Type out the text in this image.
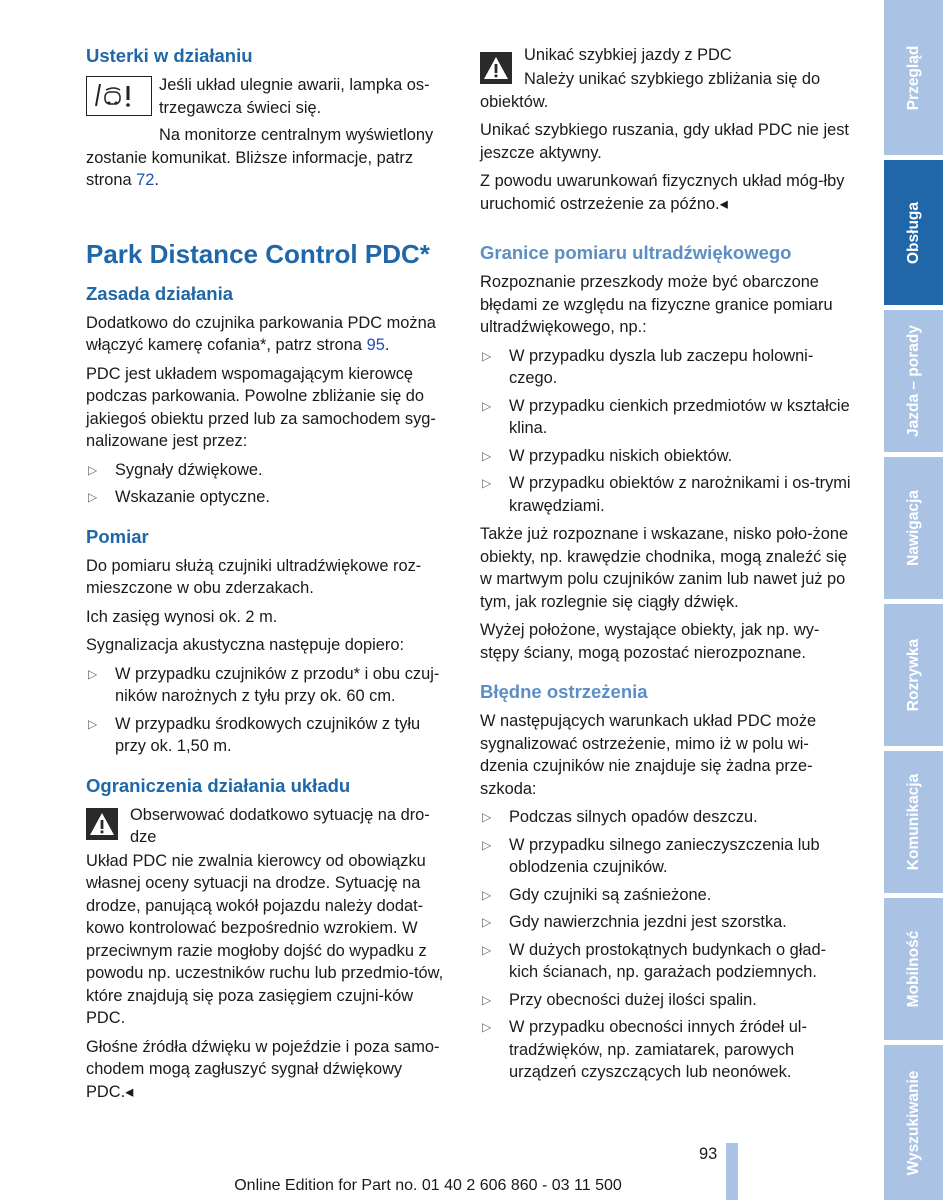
Usterki w działaniu

Jeśli układ ulegnie awarii, lampka os-trzegawcza świeci się.

Na monitorze centralnym wyświetlony zostanie komunikat. Bliższe informacje, patrz strona 72.

Park Distance Control PDC*
Zasada działania

Dodatkowo do czujnika parkowania PDC można włączyć kamerę cofania*, patrz strona 95.

PDC jest układem wspomagającym kierowcę podczas parkowania. Powolne zbliżanie się do jakiegoś obiektu przed lub za samochodem syg-nalizowane jest przez:

▷ Sygnały dźwiękowe.
▷ Wskazanie optyczne.
Pomiar

Do pomiaru służą czujniki ultradźwiękowe roz-mieszczone w obu zderzakach.

Ich zasięg wynosi ok. 2 m.

Sygnalizacja akustyczna następuje dopiero:

▷ W przypadku czujników z przodu* i obu czuj-ników narożnych z tyłu przy ok. 60 cm.
▷ W przypadku środkowych czujników z tyłu przy ok. 1,50 m.
Ograniczenia działania układu

Obserwować dodatkowo sytuację na dro-dze

Układ PDC nie zwalnia kierowcy od obowiązku własnej oceny sytuacji na drodze. Sytuację na drodze, panującą wokół pojazdu należy dodat-kowo kontrolować bezpośrednio wzrokiem. W przeciwnym razie mogłoby dojść do wypadku z powodu np. uczestników ruchu lub przedmio-tów, które znajdują się poza zasięgiem czujni-ków PDC.

Głośne źródła dźwięku w pojeździe i poza samo-chodem mogą zagłuszyć sygnał dźwiękowy PDC.◂

Unikać szybkiej jazdy z PDC

Należy unikać szybkiego zbliżania się do obiektów.

Unikać szybkiego ruszania, gdy układ PDC nie jest jeszcze aktywny.

Z powodu uwarunkowań fizycznych układ móg-łby uruchomić ostrzeżenie za późno.◂

Granice pomiaru ultradźwiękowego

Rozpoznanie przeszkody może być obarczone błędami ze względu na fizyczne granice pomiaru ultradźwiękowego, np.:

▷ W przypadku dyszla lub zaczepu holowni-czego.
▷ W przypadku cienkich przedmiotów w kształcie klina.
▷ W przypadku niskich obiektów.
▷ W przypadku obiektów z narożnikami i os-trymi krawędziami.

Także już rozpoznane i wskazane, nisko poło-żone obiekty, np. krawędzie chodnika, mogą znaleźć się w martwym polu czujników zanim lub nawet już po tym, jak rozlegnie się ciągły dźwięk.

Wyżej położone, wystające obiekty, jak np. wy-stępy ściany, mogą pozostać nierozpoznane.

Błędne ostrzeżenia

W następujących warunkach układ PDC może sygnalizować ostrzeżenie, mimo iż w polu wi-dzenia czujników nie znajduje się żadna prze-szkoda:

▷ Podczas silnych opadów deszczu.
▷ W przypadku silnego zanieczyszczenia lub oblodzenia czujników.
▷ Gdy czujniki są zaśnieżone.
▷ Gdy nawierzchnia jezdni jest szorstka.
▷ W dużych prostokątnych budynkach o gład-kich ścianach, np. garażach podziemnych.
▷ Przy obecności dużej ilości spalin.
▷ W przypadku obecności innych źródeł ul-tradźwięków, np. zamiatarek, parowych urządzeń czyszczących lub neonówek.
Przegląd
Obsługa
Jazda – porady
Nawigacja
Rozrywka
Komunikacja
Mobilność
Wyszukiwanie
93
Online Edition for Part no. 01 40 2 606 860 - 03 11 500
